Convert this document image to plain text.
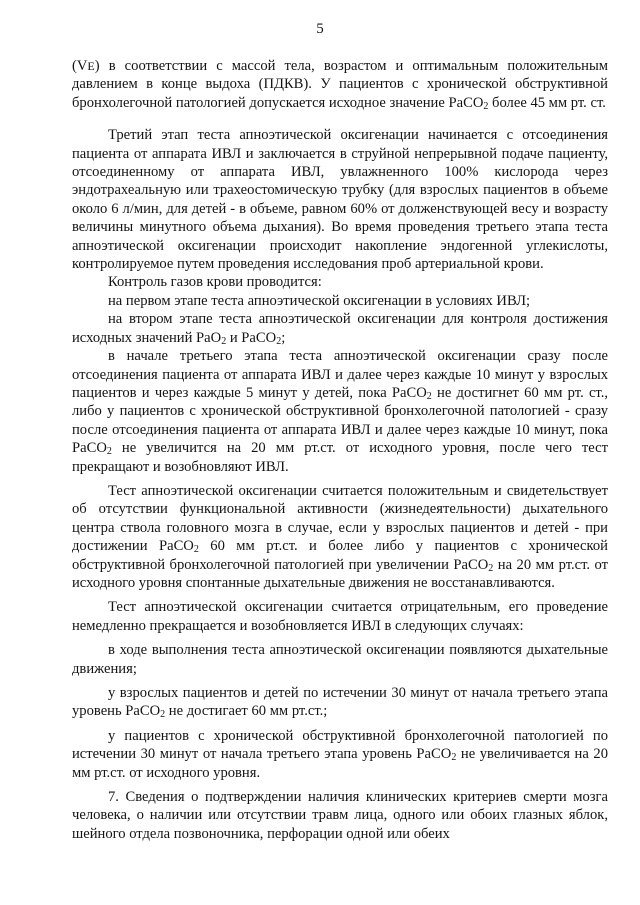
5

(VE) в соответствии с массой тела, возрастом и оптимальным положительным давлением в конце выдоха (ПДКВ). У пациентов с хронической обструктивной бронхолегочной патологией допускается исходное значение PaCO$_2$ более 45 мм рт. ст.

Третий этап теста апноэтической оксигенации начинается с отсоединения пациента от аппарата ИВЛ и заключается в струйной непрерывной подаче пациенту, отсоединенному от аппарата ИВЛ, увлажненного 100% кислорода через эндотрахеальную или трахеостомическую трубку (для взрослых пациентов в объеме около 6 л/мин, для детей - в объеме, равном 60% от долженствующей весу и возрасту величины минутного объема дыхания). Во время проведения третьего этапа теста апноэтической оксигенации происходит накопление эндогенной углекислоты, контролируемое путем проведения исследования проб артериальной крови.

Контроль газов крови проводится:

на первом этапе теста апноэтической оксигенации в условиях ИВЛ;

на втором этапе теста апноэтической оксигенации для контроля достижения исходных значений PaO$_2$ и PaCO$_2$;

в начале третьего этапа теста апноэтической оксигенации сразу после отсоединения пациента от аппарата ИВЛ и далее через каждые 10 минут у взрослых пациентов и через каждые 5 минут у детей, пока PaCO$_2$ не достигнет 60 мм рт. ст., либо у пациентов с хронической обструктивной бронхолегочной патологией - сразу после отсоединения пациента от аппарата ИВЛ и далее через каждые 10 минут, пока PaCO$_2$ не увеличится на 20 мм рт.ст. от исходного уровня, после чего тест прекращают и возобновляют ИВЛ.

Тест апноэтической оксигенации считается положительным и свидетельствует об отсутствии функциональной активности (жизнедеятельности) дыхательного центра ствола головного мозга в случае, если у взрослых пациентов и детей - при достижении PaCO$_2$ 60 мм рт.ст. и более либо у пациентов с хронической обструктивной бронхолегочной патологией при увеличении PaCO$_2$ на 20 мм рт.ст. от исходного уровня спонтанные дыхательные движения не восстанавливаются.

Тест апноэтической оксигенации считается отрицательным, его проведение немедленно прекращается и возобновляется ИВЛ в следующих случаях:

в ходе выполнения теста апноэтической оксигенации появляются дыхательные движения;

у взрослых пациентов и детей по истечении 30 минут от начала третьего этапа уровень PaCO$_2$ не достигает 60 мм рт.ст.;

у пациентов с хронической обструктивной бронхолегочной патологией по истечении 30 минут от начала третьего этапа уровень PaCO$_2$ не увеличивается на 20 мм рт.ст. от исходного уровня.

7. Сведения о подтверждении наличия клинических критериев смерти мозга человека, о наличии или отсутствии травм лица, одного или обоих глазных яблок, шейного отдела позвоночника, перфорации одной или обеих
